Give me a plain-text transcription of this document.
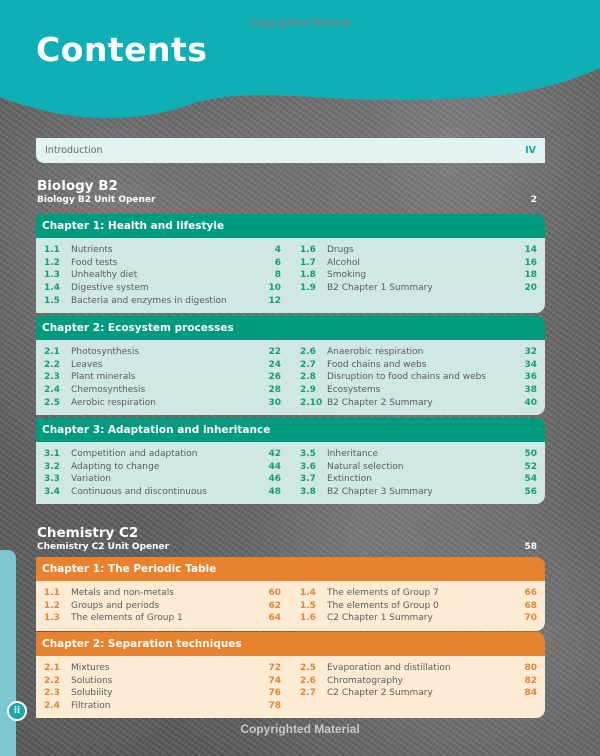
Copyrighted Material
Contents
Introduction	IV
Biology B2
Biology B2 Unit Opener	2
Chapter 1: Health and lifestyle
1.1	Nutrients	4
1.2	Food tests	6
1.3	Unhealthy diet	8
1.4	Digestive system	10
1.5	Bacteria and enzymes in digestion	12
1.6	Drugs	14
1.7	Alcohol	16
1.8	Smoking	18
1.9	B2 Chapter 1 Summary	20
Chapter 2: Ecosystem processes
2.1	Photosynthesis	22
2.2	Leaves	24
2.3	Plant minerals	26
2.4	Chemosynthesis	28
2.5	Aerobic respiration	30
2.6	Anaerobic respiration	32
2.7	Food chains and webs	34
2.8	Disruption to food chains and webs	36
2.9	Ecosystems	38
2.10 B2 Chapter 2 Summary	40
Chapter 3: Adaptation and inheritance
3.1	Competition and adaptation	42
3.2	Adapting to change	44
3.3	Variation	46
3.4	Continuous and discontinuous	48
3.5	Inheritance	50
3.6	Natural selection	52
3.7	Extinction	54
3.8	B2 Chapter 3 Summary	56
Chemistry C2
Chemistry C2 Unit Opener	58
Chapter 1: The Periodic Table
1.1	Metals and non-metals	60
1.2	Groups and periods	62
1.3	The elements of Group 1	64
1.4	The elements of Group 7	66
1.5	The elements of Group 0	68
1.6	C2 Chapter 1 Summary	70
Chapter 2: Separation techniques
2.1	Mixtures	72
2.2	Solutions	74
2.3	Solubility	76
2.4	Filtration	78
2.5	Evaporation and distillation	80
2.6	Chromatography	82
2.7	C2 Chapter 2 Summary	84
ii
Copyrighted Material
